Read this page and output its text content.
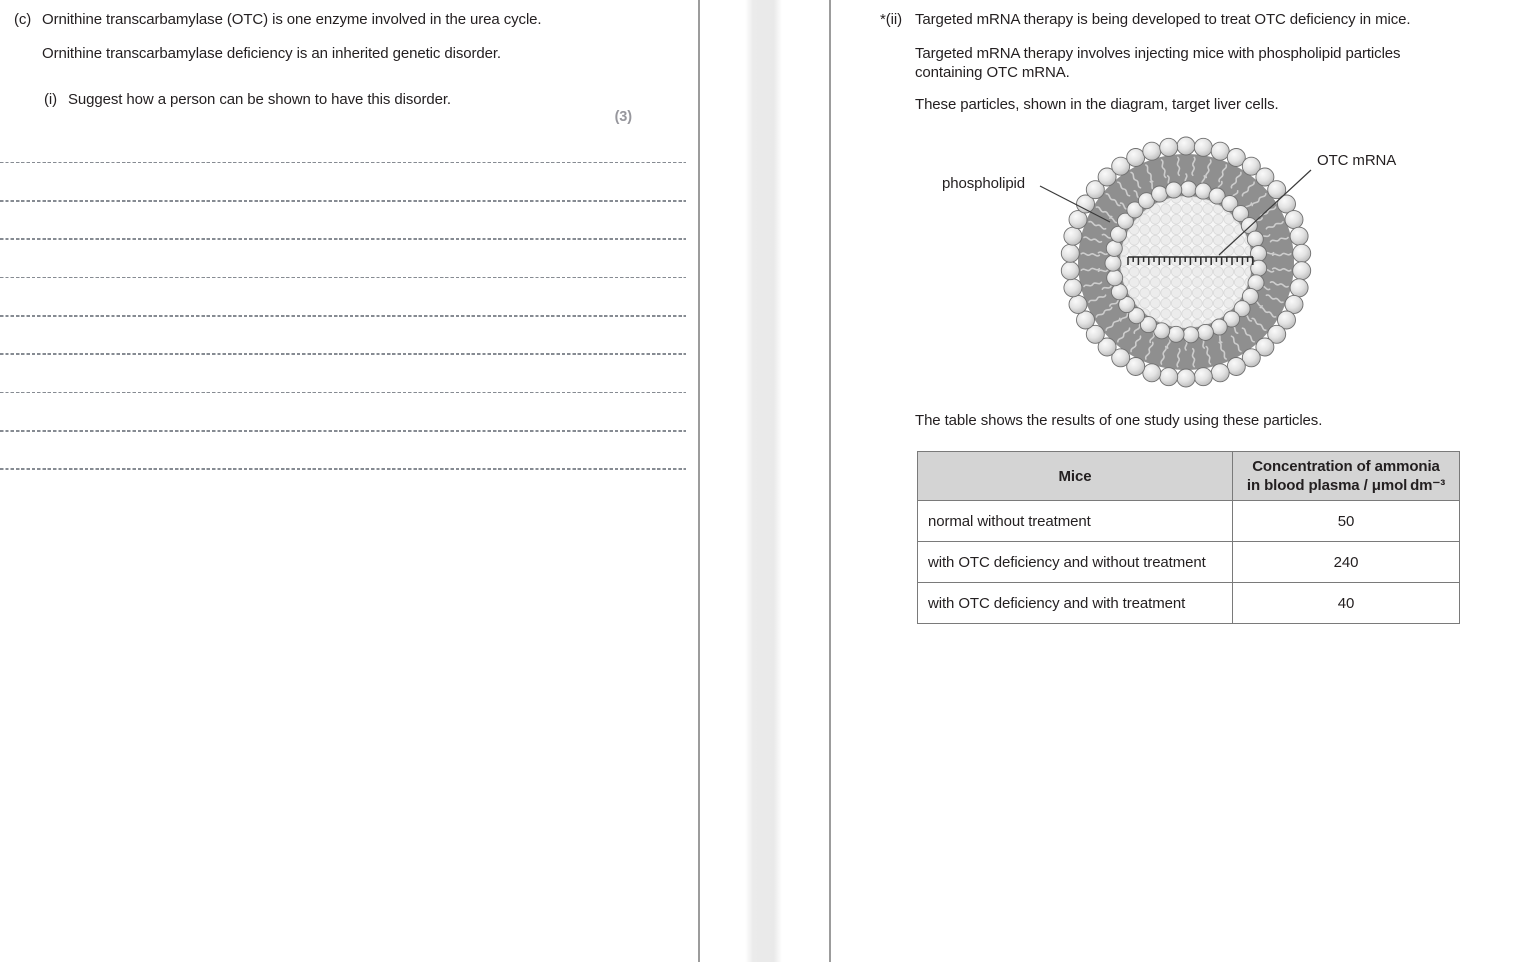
(c) Ornithine transcarbamylase (OTC) is one enzyme involved in the urea cycle.
Ornithine transcarbamylase deficiency is an inherited genetic disorder.
(i) Suggest how a person can be shown to have this disorder.
(3)
*(ii) Targeted mRNA therapy is being developed to treat OTC deficiency in mice.
Targeted mRNA therapy involves injecting mice with phospholipid particles containing OTC mRNA.
These particles, shown in the diagram, target liver cells.
phospholipid
OTC mRNA
The table shows the results of one study using these particles.
Mice	Concentration of ammonia
in blood plasma / μmol dm⁻³

normal without treatment	50
with OTC deficiency and without treatment	240
with OTC deficiency and with treatment	40
